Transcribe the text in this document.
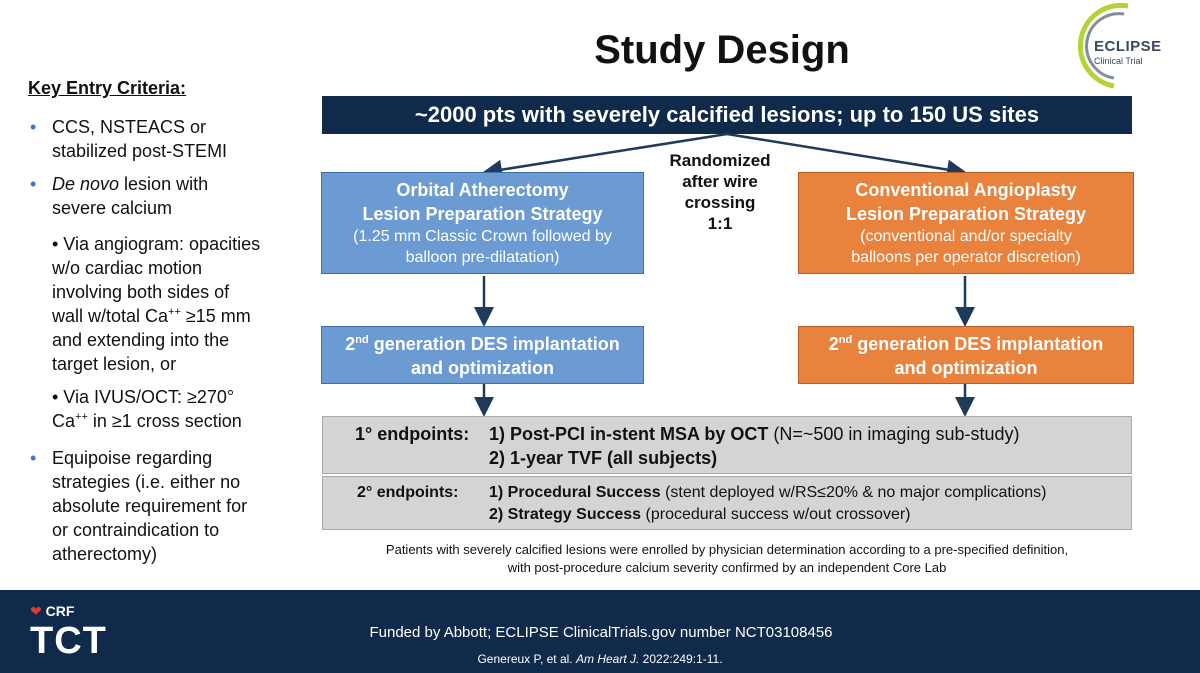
Study Design	ECLIPSE
Clinical Trial
Key Entry Criteria:
• CCS, NSTEACS or
stabilized post-STEMI
• De novo lesion with
severe calcium
• Via angiogram: opacities
w/o cardiac motion
involving both sides of
wall w/total Ca++ ≥15 mm
and extending into the
target lesion, or
• Via IVUS/OCT: ≥270°
Ca++ in ≥1 cross section
• Equipoise regarding
strategies (i.e. either no
absolute requirement for
or contraindication to
atherectomy)
~2000 pts with severely calcified lesions; up to 150 US sites
Randomized
after wire
crossing
1:1
Orbital Atherectomy
Lesion Preparation Strategy
(1.25 mm Classic Crown followed by
balloon pre-dilatation)
Conventional Angioplasty
Lesion Preparation Strategy
(conventional and/or specialty
balloons per operator discretion)
2nd generation DES implantation
and optimization
2nd generation DES implantation
and optimization
1° endpoints: 1) Post-PCI in-stent MSA by OCT (N=~500 in imaging sub-study)
2) 1-year TVF (all subjects)
2° endpoints: 1) Procedural Success (stent deployed w/RS≤20% & no major complications)
2) Strategy Success (procedural success w/out crossover)
Patients with severely calcified lesions were enrolled by physician determination according to a pre-specified definition,
with post-procedure calcium severity confirmed by an independent Core Lab
❤ CRF
TCT	Funded by Abbott; ECLIPSE ClinicalTrials.gov number NCT03108456
Genereux P, et al. Am Heart J. 2022:249:1-11.
